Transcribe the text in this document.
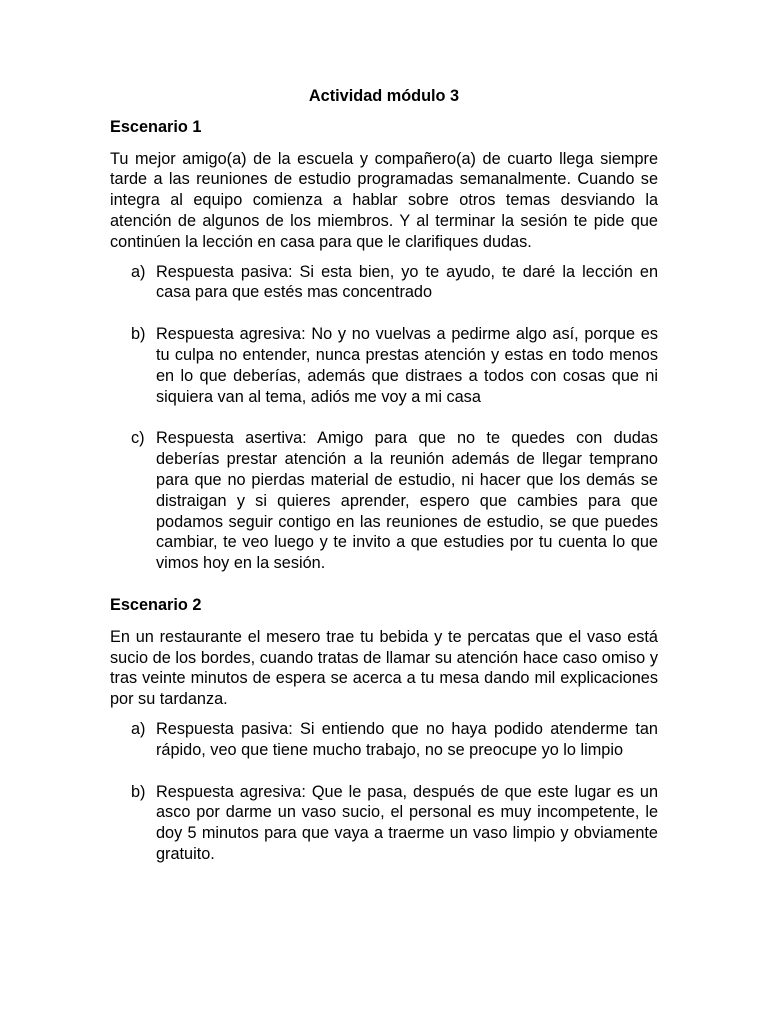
Actividad módulo 3

Escenario 1

Tu mejor amigo(a) de la escuela y compañero(a) de cuarto llega siempre tarde a las reuniones de estudio programadas semanalmente. Cuando se integra al equipo comienza a hablar sobre otros temas desviando la atención de algunos de los miembros. Y al terminar la sesión te pide que continúen la lección en casa para que le clarifiques dudas.

a) Respuesta pasiva: Si esta bien, yo te ayudo, te daré la lección en casa para que estés mas concentrado
b) Respuesta agresiva: No y no vuelvas a pedirme algo así, porque es tu culpa no entender, nunca prestas atención y estas en todo menos en lo que deberías, además que distraes a todos con cosas que ni siquiera van al tema, adiós me voy a mi casa
c) Respuesta asertiva: Amigo para que no te quedes con dudas deberías prestar atención a la reunión además de llegar temprano para que no pierdas material de estudio, ni hacer que los demás se distraigan y si quieres aprender, espero que cambies para que podamos seguir contigo en las reuniones de estudio, se que puedes cambiar, te veo luego y te invito a que estudies por tu cuenta lo que vimos hoy en la sesión.

Escenario 2

En un restaurante el mesero trae tu bebida y te percatas que el vaso está sucio de los bordes, cuando tratas de llamar su atención hace caso omiso y tras veinte minutos de espera se acerca a tu mesa dando mil explicaciones por su tardanza.

a) Respuesta pasiva: Si entiendo que no haya podido atenderme tan rápido, veo que tiene mucho trabajo, no se preocupe yo lo limpio
b) Respuesta agresiva: Que le pasa, después de que este lugar es un asco por darme un vaso sucio, el personal es muy incompetente, le doy 5 minutos para que vaya a traerme un vaso limpio y obviamente gratuito.
